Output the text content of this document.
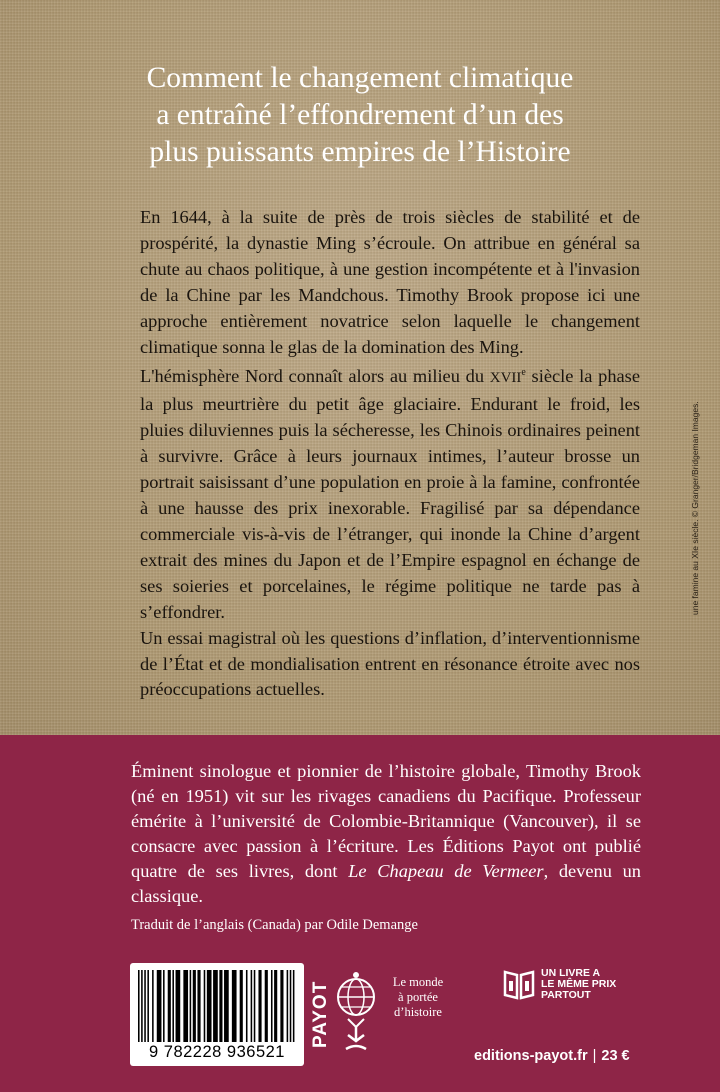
Comment le changement climatique
a entraîné l’effondrement d’un des
plus puissants empires de l’Histoire

En 1644, à la suite de près de trois siècles de stabilité et de prospérité, la dynastie Ming s’écroule. On attribue en général sa chute au chaos politique, à une gestion incompétente et à l'invasion de la Chine par les Mandchous. Timothy Brook propose ici une approche entièrement novatrice selon laquelle le changement climatique sonna le glas de la domination des Ming.

L'hémisphère Nord connaît alors au milieu du XVIIe siècle la phase la plus meurtrière du petit âge glaciaire. Endurant le froid, les pluies diluviennes puis la sécheresse, les Chinois ordinaires peinent à survivre. Grâce à leurs journaux intimes, l’auteur brosse un portrait saisissant d’une population en proie à la famine, confrontée à une hausse des prix inexorable. Fragilisé par sa dépendance commerciale vis-à-vis de l’étranger, qui inonde la Chine d’argent extrait des mines du Japon et de l’Empire espagnol en échange de ses soieries et porcelaines, le régime politique ne tarde pas à s’effondrer.

Un essai magistral où les questions d’inflation, d’interventionnisme de l’État et de mondialisation entrent en résonance étroite avec nos préoccupations actuelles.

une famine au XIe siècle. © Granger/Bridgeman Images.
Éminent sinologue et pionnier de l’histoire globale, Timothy Brook (né en 1951) vit sur les rivages canadiens du Pacifique. Professeur émérite à l’université de Colombie-Britannique (Vancouver), il se consacre avec passion à l’écriture. Les Éditions Payot ont publié quatre de ses livres, dont Le Chapeau de Vermeer, devenu un classique.
Traduit de l’anglais (Canada) par Odile Demange
9 782228 936521
PAYOT	Le monde
à portée
d’histoire
UN LIVRE A
LE MÊME PRIX
PARTOUT
editions-payot.fr | 23 €
